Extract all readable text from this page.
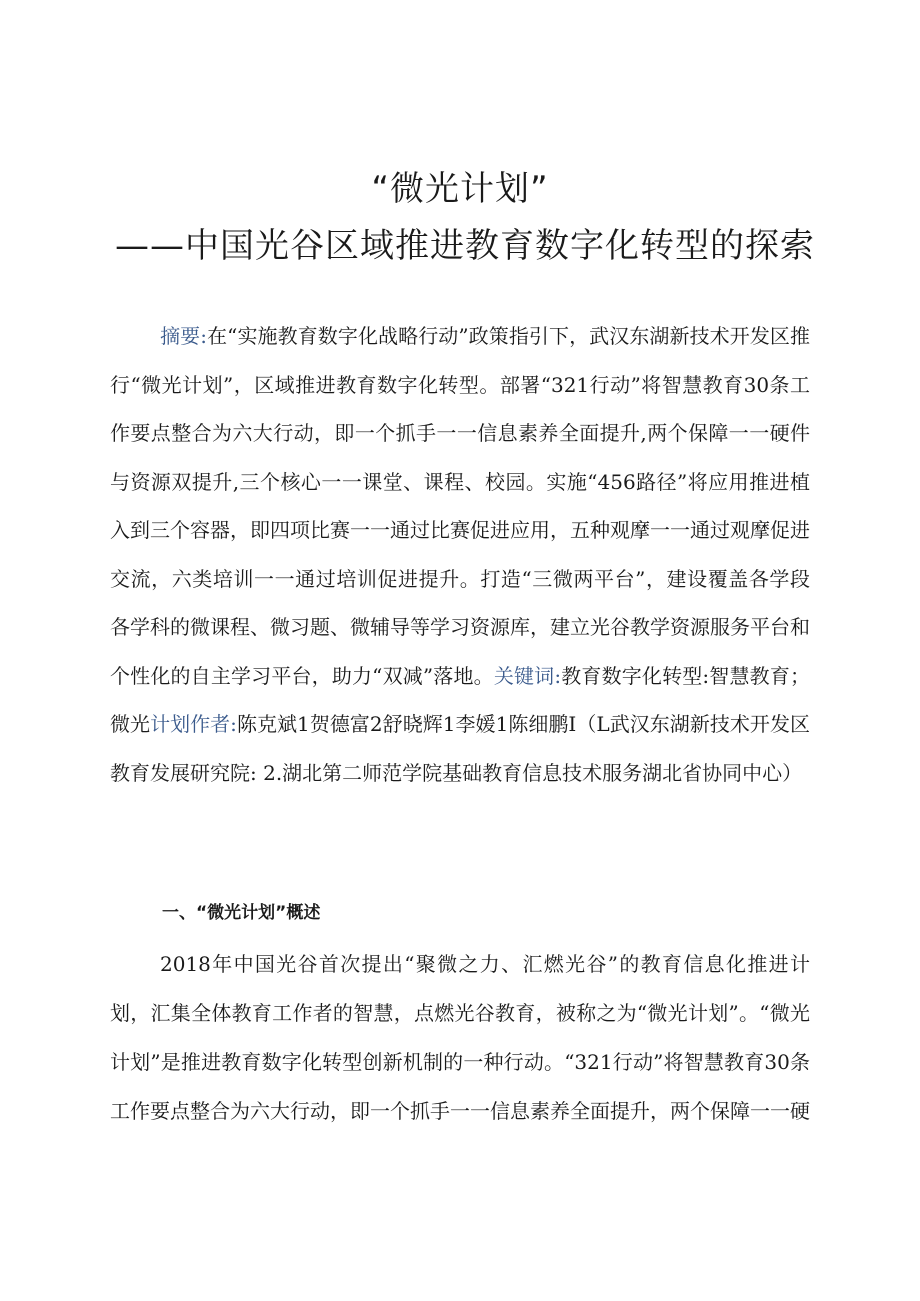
“微光计划”
——中国光谷区域推进教育数字化转型的探索
摘要:在“实施教育数字化战略行动”政策指引下，武汉东湖新技术开发区推行“微光计划”，区域推进教育数字化转型。部署“321行动”将智慧教育30条工作要点整合为六大行动，即一个抓手一一信息素养全面提升,两个保障一一硬件与资源双提升,三个核心一一课堂、课程、校园。实施“456路径”将应用推进植入到三个容器，即四项比赛一一通过比赛促进应用，五种观摩一一通过观摩促进交流，六类培训一一通过培训促进提升。打造“三微两平台”，建设覆盖各学段各学科的微课程、微习题、微辅导等学习资源库，建立光谷教学资源服务平台和个性化的自主学习平台，助力“双减”落地。关键词:教育数字化转型:智慧教育；微光计划作者:陈克斌1贺德富2舒晓辉1李媛1陈细鹏I（L武汉东湖新技术开发区教育发展研究院: 2.湖北第二师范学院基础教育信息技术服务湖北省协同中心）
一、“微光计划”概述
2018年中国光谷首次提出“聚微之力、汇燃光谷”的教育信息化推进计划，汇集全体教育工作者的智慧，点燃光谷教育，被称之为“微光计划”。“微光计划”是推进教育数字化转型创新机制的一种行动。“321行动”将智慧教育30条工作要点整合为六大行动，即一个抓手一一信息素养全面提升，两个保障一一硬
